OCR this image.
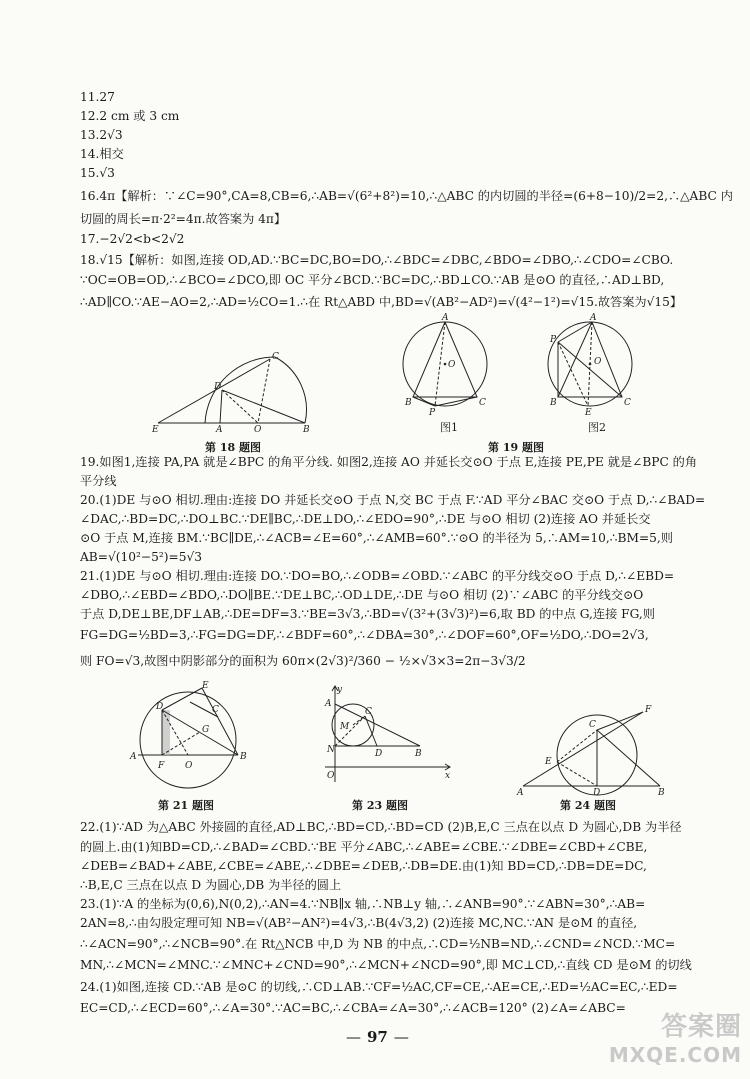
11.27
12.2 cm 或 3 cm
13.2√3
14.相交
15.√3
16.4π【解析：∵∠C=90°,CA=8,CB=6,∴AB=√(6²+8²)=10,∴△ABC 的内切圆的半径=(6+8−10)/2=2,∴△ABC 内
切圆的周长=π·2²=4π.故答案为 4π】
17.−2√2<b<2√2
18.√15【解析：如图,连接 OD,AD.∵BC=DC,BO=DO,∴∠BDC=∠DBC,∠BDO=∠DBO,∴∠CDO=∠CBO.
∵OC=OB=OD,∴∠BCO=∠DCO,即 OC 平分∠BCD.∵BC=DC,∴BD⊥CO.∵AB 是⊙O 的直径,∴AD⊥BD,
∴AD∥CO.∵AE−AO=2,∴AD=½CO=1.∴在 Rt△ABD 中,BD=√(AB²−AD²)=√(4²−1²)=√15.故答案为√15】
E	A	O	B
D
C
第 18 题图
A
O
B	C
P
图1
A
O
P
B	C
E
图2
第 19 题图
19.如图1,连接 PA,PA 就是∠BPC 的角平分线. 如图2,连接 AO 并延长交⊙O 于点 E,连接 PE,PE 就是∠BPC 的角
平分线
20.(1)DE 与⊙O 相切.理由:连接 DO 并延长交⊙O 于点 N,交 BC 于点 F.∵AD 平分∠BAC 交⊙O 于点 D,∴∠BAD=
∠DAC,∴BD=DC,∴DO⊥BC.∵DE∥BC,∴DE⊥DO,∴∠EDO=90°,∴DE 与⊙O 相切 (2)连接 AO 并延长交
⊙O 于点 M,连接 BM.∵BC∥DE,∴∠ACB=∠E=60°,∴∠AMB=60°.∵⊙O 的半径为 5,∴AM=10,∴BM=5,则
AB=√(10²−5²)=5√3
21.(1)DE 与⊙O 相切.理由:连接 DO.∵DO=BO,∴∠ODB=∠OBD.∵∠ABC 的平分线交⊙O 于点 D,∴∠EBD=
∠DBO,∴∠EBD=∠BDO,∴DO∥BE.∵DE⊥BC,∴OD⊥DE,∴DE 与⊙O 相切 (2)∵∠ABC 的平分线交⊙O
于点 D,DE⊥BE,DF⊥AB,∴DE=DF=3.∵BE=3√3,∴BD=√(3²+(3√3)²)=6,取 BD 的中点 G,连接 FG,则
FG=DG=½BD=3,∴FG=DG=DF,∴∠BDF=60°,∴∠DBA=30°,∴∠DOF=60°,OF=½DO,∴DO=2√3,
则 FO=√3,故图中阴影部分的面积为 60π×(2√3)²/360 − ½×√3×3=2π−3√3/2
A
D
E
C
G
B
F O
第 21 题图
y
A
M
C
N	D	B
O	x
第 23 题图
A
E
C
F
D	B
第 24 题图
22.(1)∵AD 为△ABC 外接圆的直径,AD⊥BC,∴BD=CD,∴BD=CD (2)B,E,C 三点在以点 D 为圆心,DB 为半径
的圆上.由(1)知BD=CD,∴∠BAD=∠CBD.∵BE 平分∠ABC,∴∠ABE=∠CBE.∵∠DBE=∠CBD+∠CBE,
∠DEB=∠BAD+∠ABE,∠CBE=∠ABE,∴∠DBE=∠DEB,∴DB=DE.由(1)知 BD=CD,∴DB=DE=DC,
∴B,E,C 三点在以点 D 为圆心,DB 为半径的圆上
23.(1)∵A 的坐标为(0,6),N(0,2),∴AN=4.∵NB∥x 轴,∴NB⊥y 轴,∴∠ANB=90°.∵∠ABN=30°,∴AB=
2AN=8,∴由勾股定理可知 NB=√(AB²−AN²)=4√3,∴B(4√3,2) (2)连接 MC,NC.∵AN 是⊙M 的直径,
∴∠ACN=90°,∴∠NCB=90°.在 Rt△NCB 中,D 为 NB 的中点,∴CD=½NB=ND,∴∠CND=∠NCD.∵MC=
MN,∴∠MCN=∠MNC.∵∠MNC+∠CND=90°,∴∠MCN+∠NCD=90°,即 MC⊥CD,∴直线 CD 是⊙M 的切线
24.(1)如图,连接 CD.∵AB 是⊙C 的切线,∴CD⊥AB.∵CF=½AC,CF=CE,∴AE=CE,∴ED=½AC=EC,∴ED=
EC=CD,∴∠ECD=60°,∴∠A=30°.∵AC=BC,∴∠CBA=∠A=30°,∴∠ACB=120° (2)∠A=∠ABC=
— 97 —	答案圈
MXQE.COM
